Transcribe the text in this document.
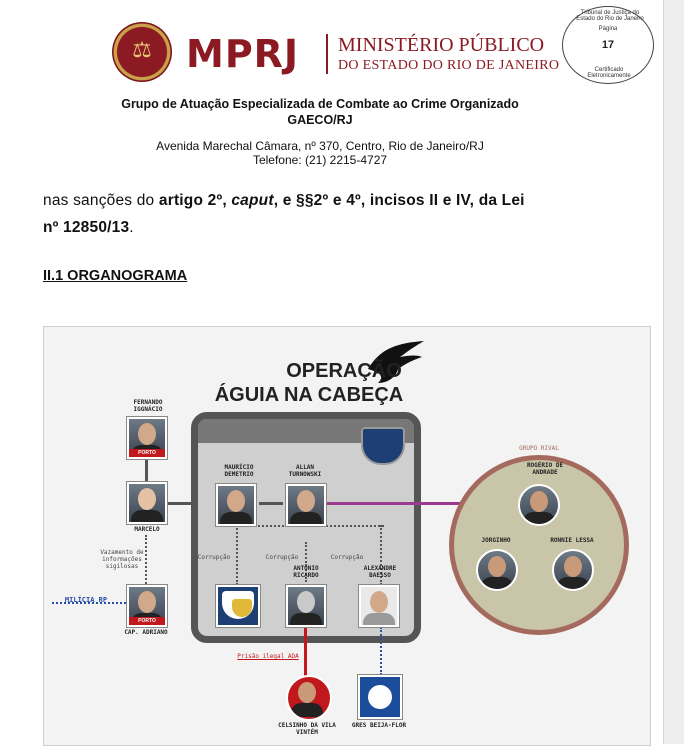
⚖ MPRJ MINISTÉRIO PÚBLICO
DO ESTADO DO RIO DE JANEIRO
Tribunal de Justiça do Estado do Rio de Janeiro
Página
17
Certificado Eletronicamente
Grupo de Atuação Especializada de Combate ao Crime Organizado
GAECO/RJ
Avenida Marechal Câmara, nº 370, Centro, Rio de Janeiro/RJ
Telefone: (21) 2215-4727
nas sanções do artigo 2º, caput, e §§2º e 4º, incisos II e IV, da Lei
nº 12850/13.
II.1 ORGANOGRAMA
OPERAÇÃO
ÁGUIA NA CABEÇA
FERNANDO IGGNÁCIO
PORTO
MARCELO
Vazamento de informações sigilosas
MAURÍCIO DEMETRIO
ALLAN TURNOWSKI
Corrupção	Corrupção	Corrupção
ANTÔNIO RICARDO
ALEXANDRE BAESSO
MILÍCIA RP
PORTO
CAP. ADRIANO
Prisão ilegal ADA
CELSINHO DA VILA VINTÉM
GRES BEIJA-FLOR
GRUPO RIVAL
ROGÉRIO DE ANDRADE
JORGINHO	RONNIE LESSA
